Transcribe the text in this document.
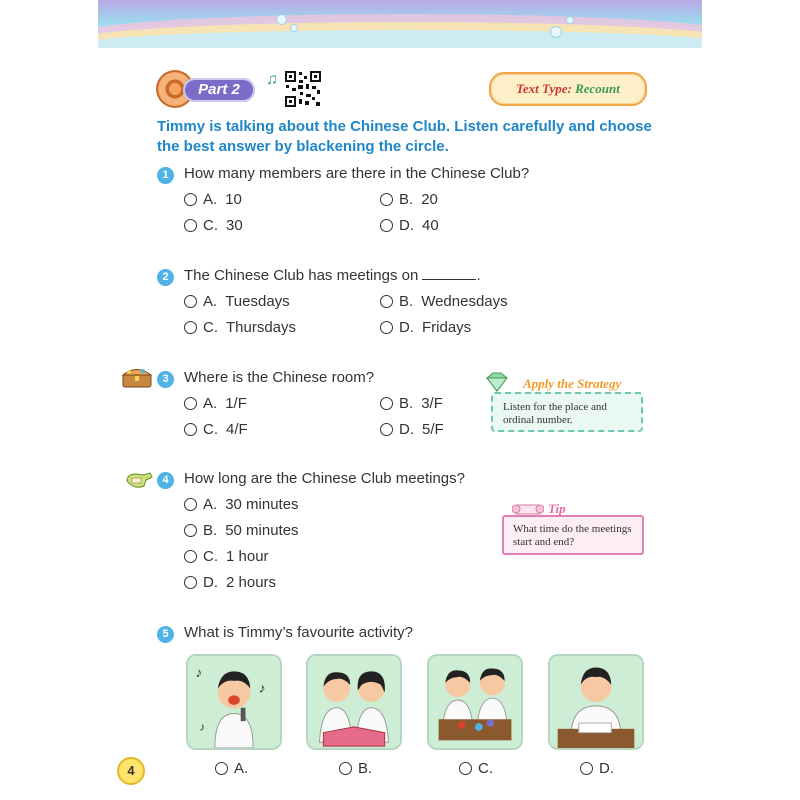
Part 2
♫
Text Type: Recount
Timmy is talking about the Chinese Club. Listen carefully and choose the best answer by blackening the circle.
1	How many members are there in the Chinese Club?
A. 10	B. 20
C. 30	D. 40
2	The Chinese Club has meetings on	.
A. Tuesdays	B. Wednesdays
C. Thursdays	D. Fridays
3	Where is the Chinese room?
A. 1/F	B. 3/F
C. 4/F	D. 5/F
Listen for the place and
ordinal number.
Apply the Strategy
4	How long are the Chinese Club meetings?
A. 30 minutes
B. 50 minutes
C. 1 hour
D. 2 hours
What time do the meetings
start and end?
Tip
5	What is Timmy’s favourite activity?
♪
♪
♪
A.	B.	C.	D.
4
